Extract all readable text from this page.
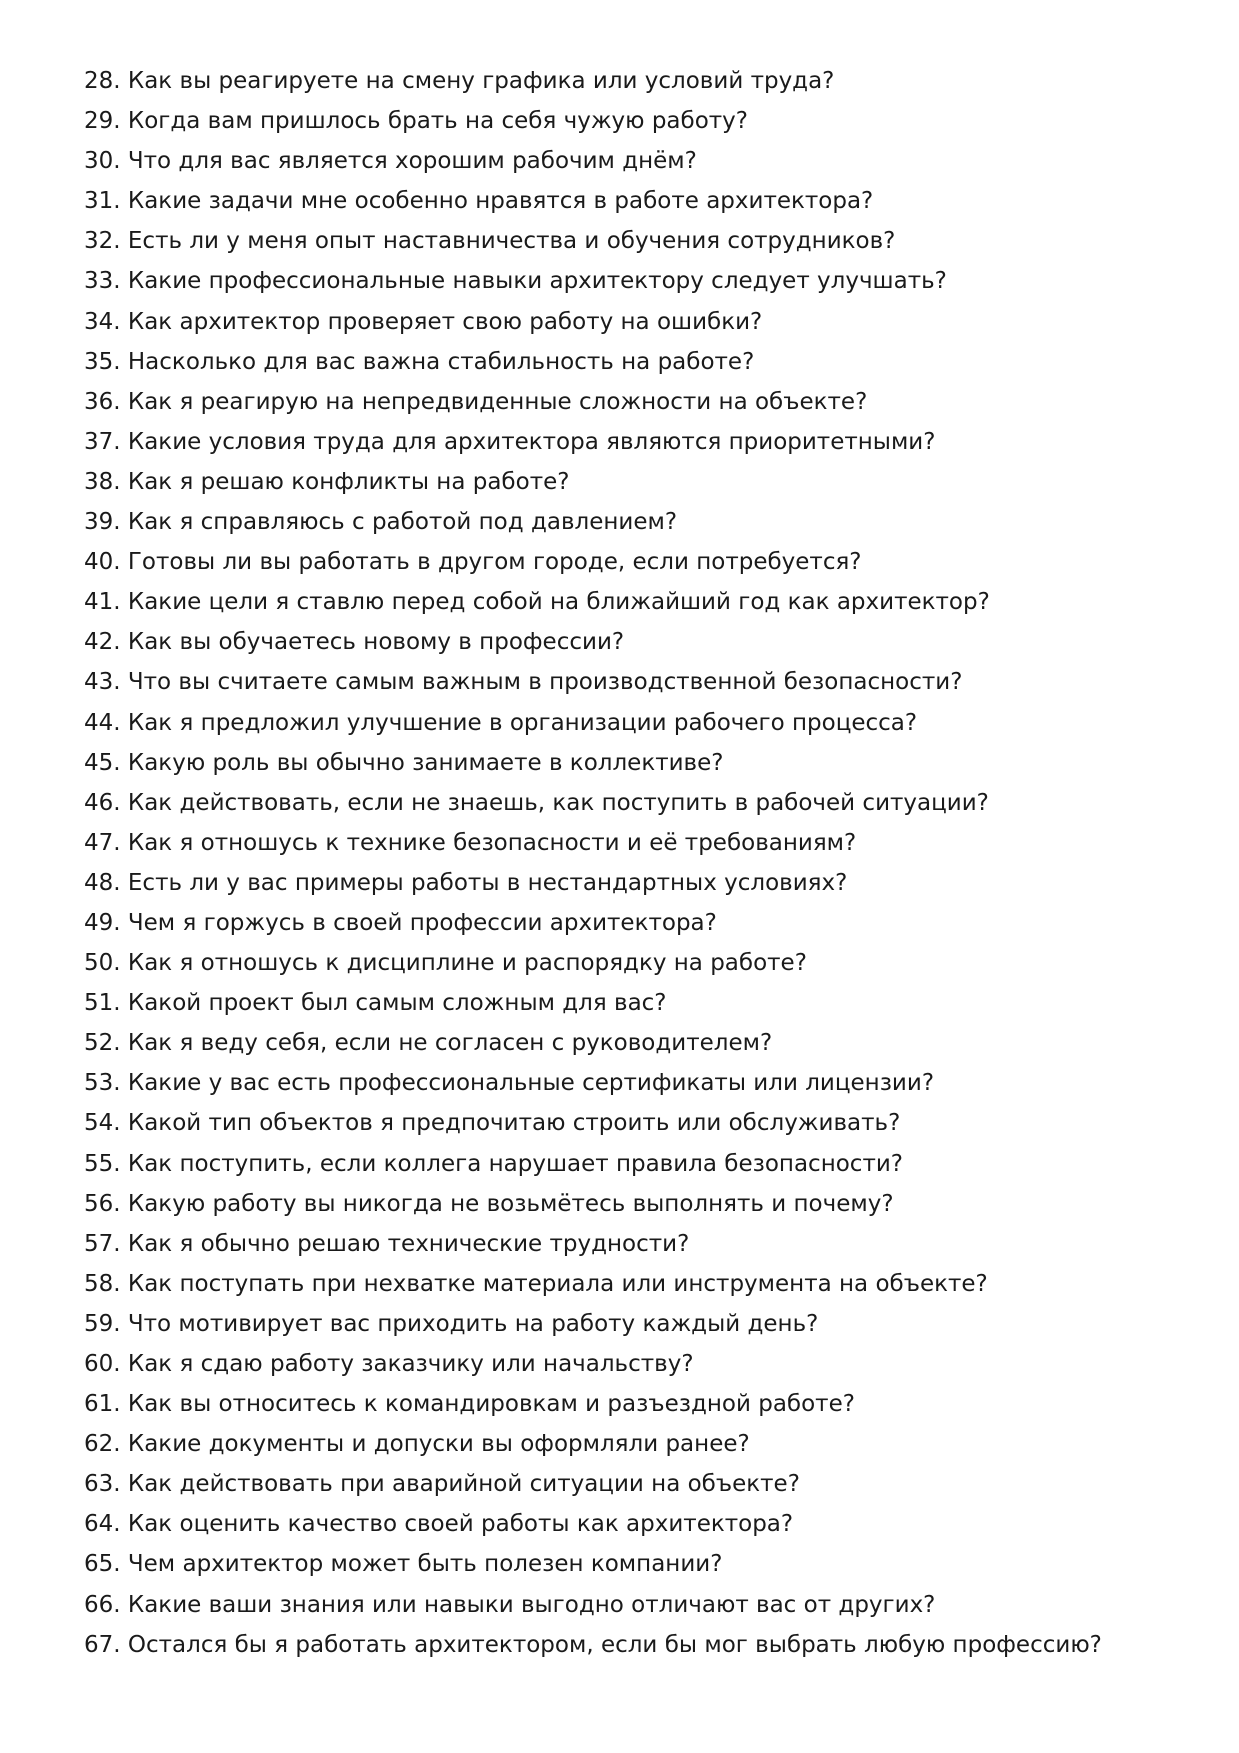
28. Как вы реагируете на смену графика или условий труда?
29. Когда вам пришлось брать на себя чужую работу?
30. Что для вас является хорошим рабочим днём?
31. Какие задачи мне особенно нравятся в работе архитектора?
32. Есть ли у меня опыт наставничества и обучения сотрудников?
33. Какие профессиональные навыки архитектору следует улучшать?
34. Как архитектор проверяет свою работу на ошибки?
35. Насколько для вас важна стабильность на работе?
36. Как я реагирую на непредвиденные сложности на объекте?
37. Какие условия труда для архитектора являются приоритетными?
38. Как я решаю конфликты на работе?
39. Как я справляюсь с работой под давлением?
40. Готовы ли вы работать в другом городе, если потребуется?
41. Какие цели я ставлю перед собой на ближайший год как архитектор?
42. Как вы обучаетесь новому в профессии?
43. Что вы считаете самым важным в производственной безопасности?
44. Как я предложил улучшение в организации рабочего процесса?
45. Какую роль вы обычно занимаете в коллективе?
46. Как действовать, если не знаешь, как поступить в рабочей ситуации?
47. Как я отношусь к технике безопасности и её требованиям?
48. Есть ли у вас примеры работы в нестандартных условиях?
49. Чем я горжусь в своей профессии архитектора?
50. Как я отношусь к дисциплине и распорядку на работе?
51. Какой проект был самым сложным для вас?
52. Как я веду себя, если не согласен с руководителем?
53. Какие у вас есть профессиональные сертификаты или лицензии?
54. Какой тип объектов я предпочитаю строить или обслуживать?
55. Как поступить, если коллега нарушает правила безопасности?
56. Какую работу вы никогда не возьмётесь выполнять и почему?
57. Как я обычно решаю технические трудности?
58. Как поступать при нехватке материала или инструмента на объекте?
59. Что мотивирует вас приходить на работу каждый день?
60. Как я сдаю работу заказчику или начальству?
61. Как вы относитесь к командировкам и разъездной работе?
62. Какие документы и допуски вы оформляли ранее?
63. Как действовать при аварийной ситуации на объекте?
64. Как оценить качество своей работы как архитектора?
65. Чем архитектор может быть полезен компании?
66. Какие ваши знания или навыки выгодно отличают вас от других?
67. Остался бы я работать архитектором, если бы мог выбрать любую профессию?
